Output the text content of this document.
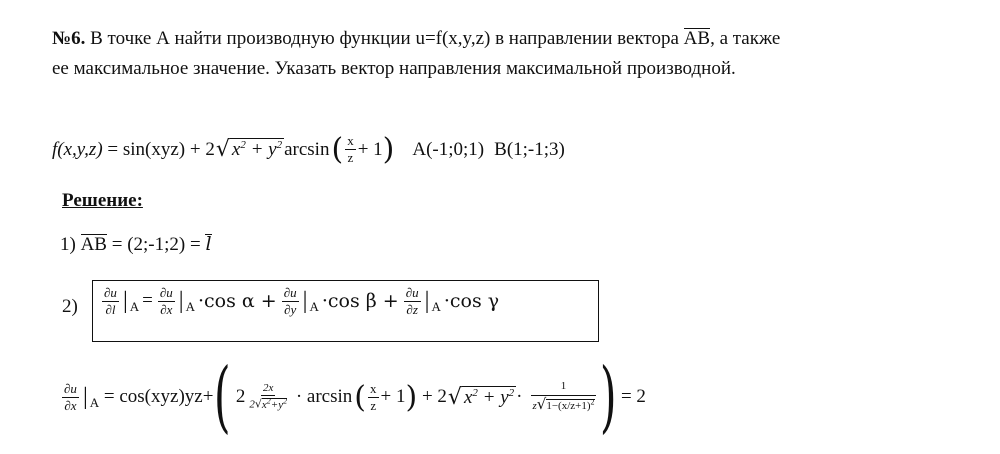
№6. В точке А найти производную функции u=f(x,y,z) в направлении вектора AB, а также
ее максимальное значение. Указать вектор направления максимальной производной.
f(x,y,z) = sin(xyz) + 2 √ $x^2 + y^2$ arcsin ( $\frac{x}{z} + 1$ ) A(-1;0;1) B(1;-1;3)
Решение:
1) AB = (2;-1;2) = l
$2) \frac{\partial u}{\partial l}$ | $A = \frac{\partial u}{\partial x}$ | A ·cos $\alpha + \frac{\partial u}{\partial y}$ | A ·cos $\beta + \frac{\partial u}{\partial z}$ | A ·cos γ
$\frac{\partial u}{\partial x}$ | A = cos(xyz)yz+ ( $2 \frac{2x}{2√x^2+y^2} \cdot \arcsin$ ( $\frac{x}{z} + 1$ ) + 2 √ $x^2 + y^2 \cdot \frac{1}{z√1-(x/z+1)^2}$ ) = 2
